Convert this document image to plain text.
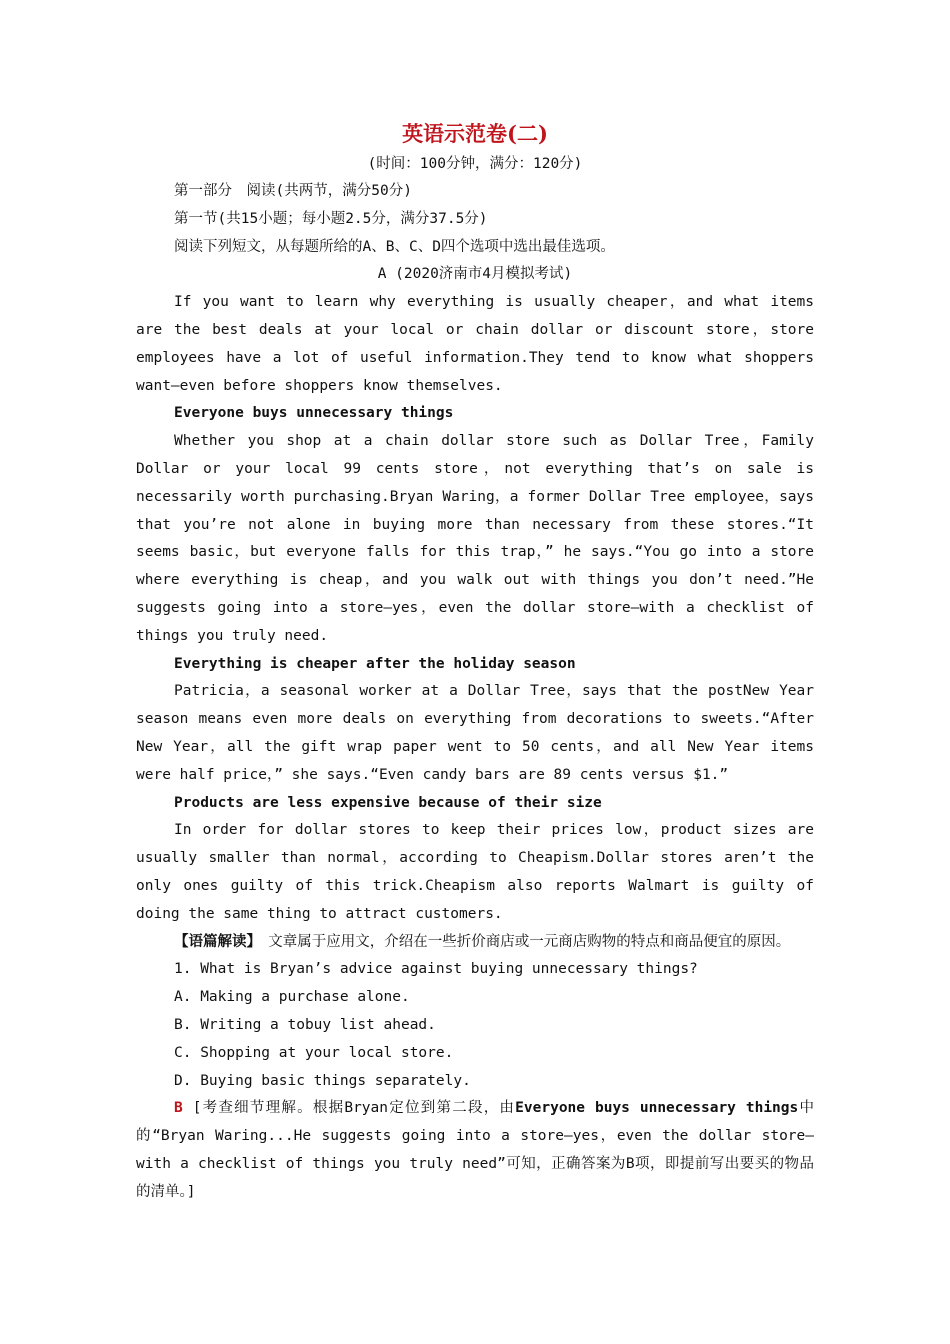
英语示范卷(二)
(时间：100分钟，满分：120分)
第一部分　阅读(共两节，满分50分)
第一节(共15小题；每小题2.5分，满分37.5分)
阅读下列短文，从每题所给的A、B、C、D四个选项中选出最佳选项。
A (2020济南市4月模拟考试)

If you want to learn why everything is usually cheaper，and what items are the best deals at your local or chain dollar or discount store，store employees have a lot of useful information.They tend to know what shoppers want—even before shoppers know themselves.

Everyone buys unnecessary things

Whether you shop at a chain dollar store such as Dollar Tree，Family Dollar or your local 99 cents store，not everything that’s on sale is necessarily worth purchasing.Bryan Waring，a former Dollar Tree employee，says that you’re not alone in buying more than necessary from these stores.“It seems basic，but everyone falls for this trap，” he says.“You go into a store where everything is cheap，and you walk out with things you don’t need.”He suggests going into a store—yes，even the dollar store—with a checklist of things you truly need.

Everything is cheaper after the holiday season

Patricia，a seasonal worker at a Dollar Tree，says that the postNew Year season means even more deals on everything from decorations to sweets.“After New Year，all the gift wrap paper went to 50 cents，and all New Year items were half price，” she says.“Even candy bars are 89 cents versus $1.”

Products are less expensive because of their size

In order for dollar stores to keep their prices low，product sizes are usually smaller than normal，according to Cheapism.Dollar stores aren’t the only ones guilty of this trick.Cheapism also reports Walmart is guilty of doing the same thing to attract customers.

【语篇解读】　文章属于应用文，介绍在一些折价商店或一元商店购物的特点和商品便宜的原因。

1. What is Bryan’s advice against buying unnecessary things?
A. Making a purchase alone.
B. Writing a tobuy list ahead.
C. Shopping at your local store.
D. Buying basic things separately.

B [考查细节理解。根据Bryan定位到第二段，由Everyone buys unnecessary things中的“Bryan Waring...He suggests going into a store—yes，even the dollar store—with a checklist of things you truly need”可知，正确答案为B项，即提前写出要买的物品的清单。]
